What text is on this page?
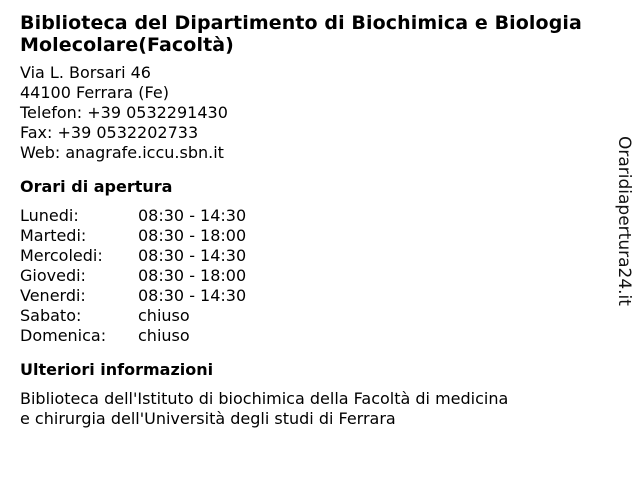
Biblioteca del Dipartimento di Biochimica e Biologia
Molecolare(Facoltà)
Via L. Borsari 46
44100 Ferrara (Fe)
Telefon: +39 0532291430
Fax: +39 0532202733
Web: anagrafe.iccu.sbn.it
Orari di apertura
Lunedi:	08:30 - 14:30
Martedi:	08:30 - 18:00
Mercoledi:	08:30 - 14:30
Giovedi:	08:30 - 18:00
Venerdi:	08:30 - 14:30
Sabato:	chiuso
Domenica:	chiuso
Ulteriori informazioni
Biblioteca dell'Istituto di biochimica della Facoltà di medicina
e chirurgia dell'Università degli studi di Ferrara
Oraridiapertura24.it
